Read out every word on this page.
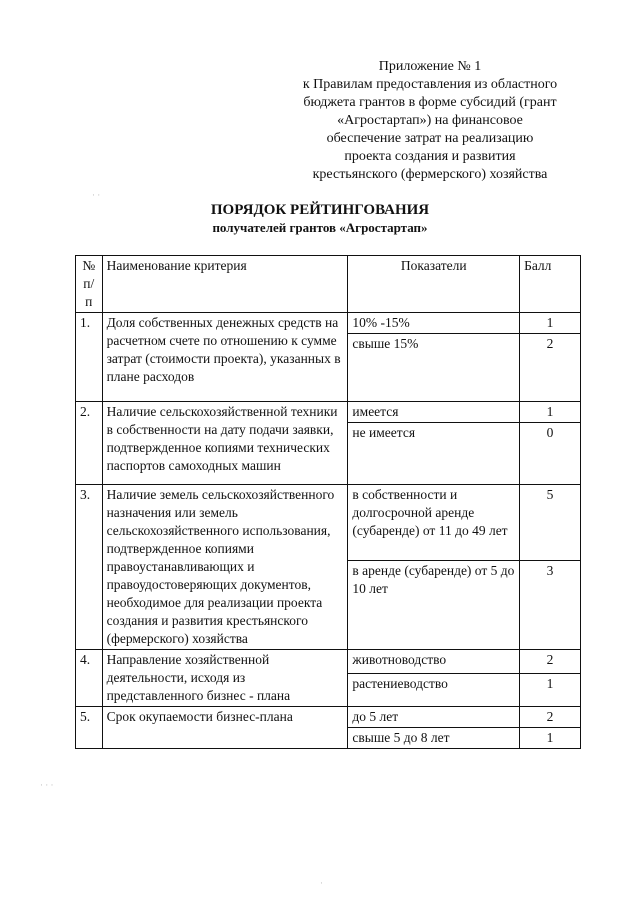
Приложение № 1
к Правилам предоставления из областного
бюджета грантов в форме субсидий (грант
«Агростартап») на финансовое
обеспечение затрат на реализацию
проекта создания и развития
крестьянского (фермерского) хозяйства
ПОРЯДОК РЕЙТИНГОВАНИЯ
получателей грантов «Агростартап»
№ п/п	Наименование критерия	Показатели	Балл
1.	Доля собственных денежных средств на расчетном счете по отношению к сумме затрат (стоимости проекта), указанных в плане расходов	10% -15%	1
		свыше 15%	2
2.	Наличие сельскохозяйственной техники в собственности на дату подачи заявки, подтвержденное копиями технических паспортов самоходных машин	имеется	1
		не имеется	0
3.	Наличие земель сельскохозяйственного назначения или земель сельскохозяйственного использования, подтвержденное копиями правоустанавливающих и правоудостоверяющих документов, необходимое для реализации проекта создания и развития крестьянского (фермерского) хозяйства	в собственности и долгосрочной аренде (субаренде) от 11 до 49 лет	5
		в аренде (субаренде) от 5 до 10 лет	3
4.	Направление хозяйственной деятельности, исходя из представленного бизнес - плана	животноводство	2
		растениеводство	1
5.	Срок окупаемости бизнес-плана	до 5 лет	2
		свыше 5 до 8 лет	1
· ·
· · ·
·
